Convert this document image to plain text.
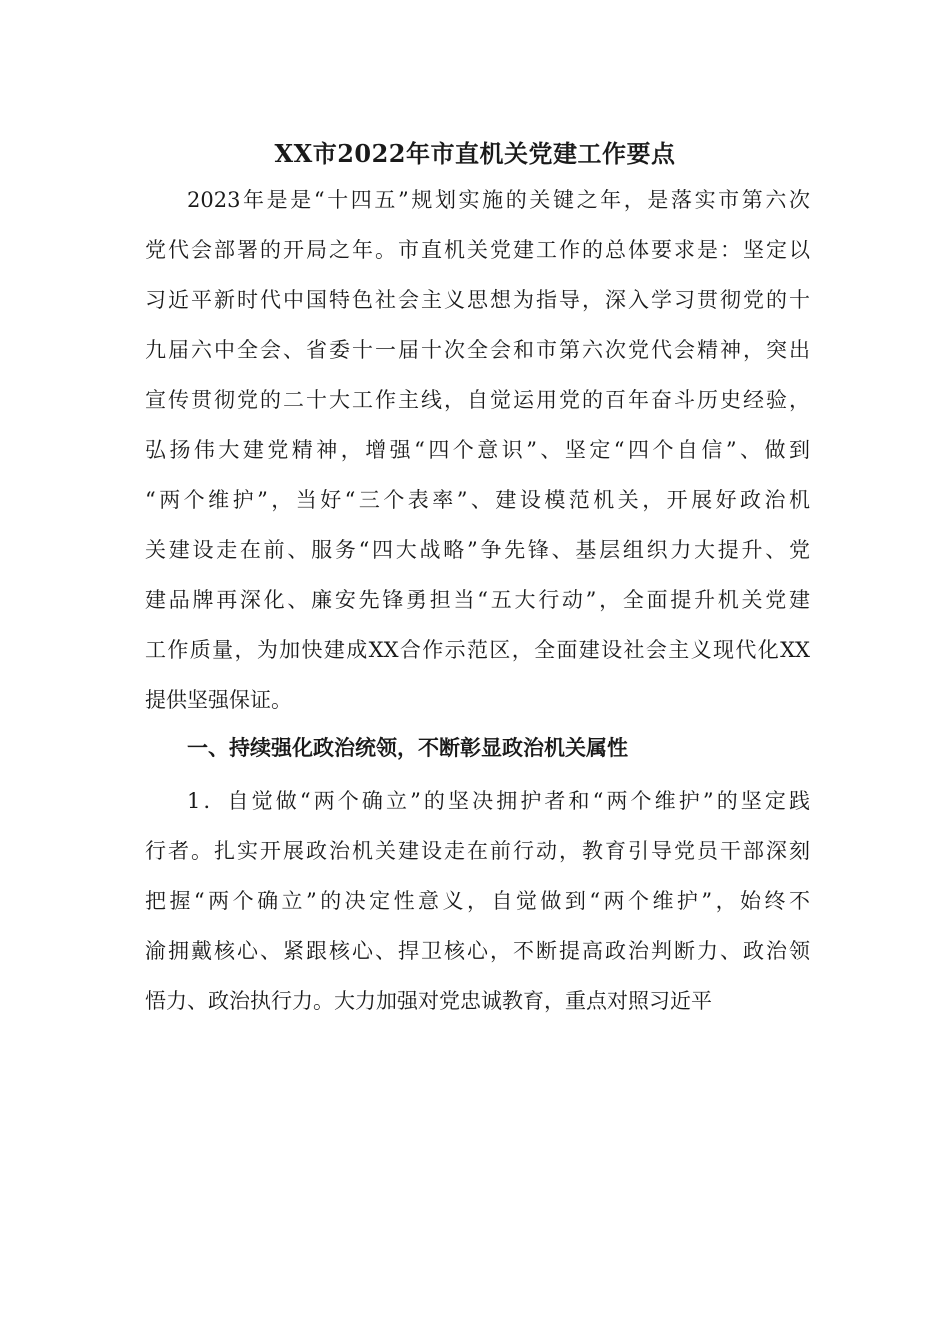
XX市2022年市直机关党建工作要点
2023年是是“十四五”规划实施的关键之年，是落实市第六次
党代会部署的开局之年。市直机关党建工作的总体要求是：坚定以
习近平新时代中国特色社会主义思想为指导，深入学习贯彻党的十
九届六中全会、省委十一届十次全会和市第六次党代会精神，突出
宣传贯彻党的二十大工作主线，自觉运用党的百年奋斗历史经验，
弘扬伟大建党精神，增强“四个意识”、坚定“四个自信”、做到
“两个维护”，当好“三个表率”、建设模范机关，开展好政治机
关建设走在前、服务“四大战略”争先锋、基层组织力大提升、党
建品牌再深化、廉安先锋勇担当“五大行动”，全面提升机关党建
工作质量，为加快建成XX合作示范区，全面建设社会主义现代化XX
提供坚强保证。
一、持续强化政治统领，不断彰显政治机关属性
1．自觉做“两个确立”的坚决拥护者和“两个维护”的坚定践
行者。扎实开展政治机关建设走在前行动，教育引导党员干部深刻
把握“两个确立”的决定性意义，自觉做到“两个维护”，始终不
渝拥戴核心、紧跟核心、捍卫核心，不断提高政治判断力、政治领
悟力、政治执行力。大力加强对党忠诚教育，重点对照习近平
